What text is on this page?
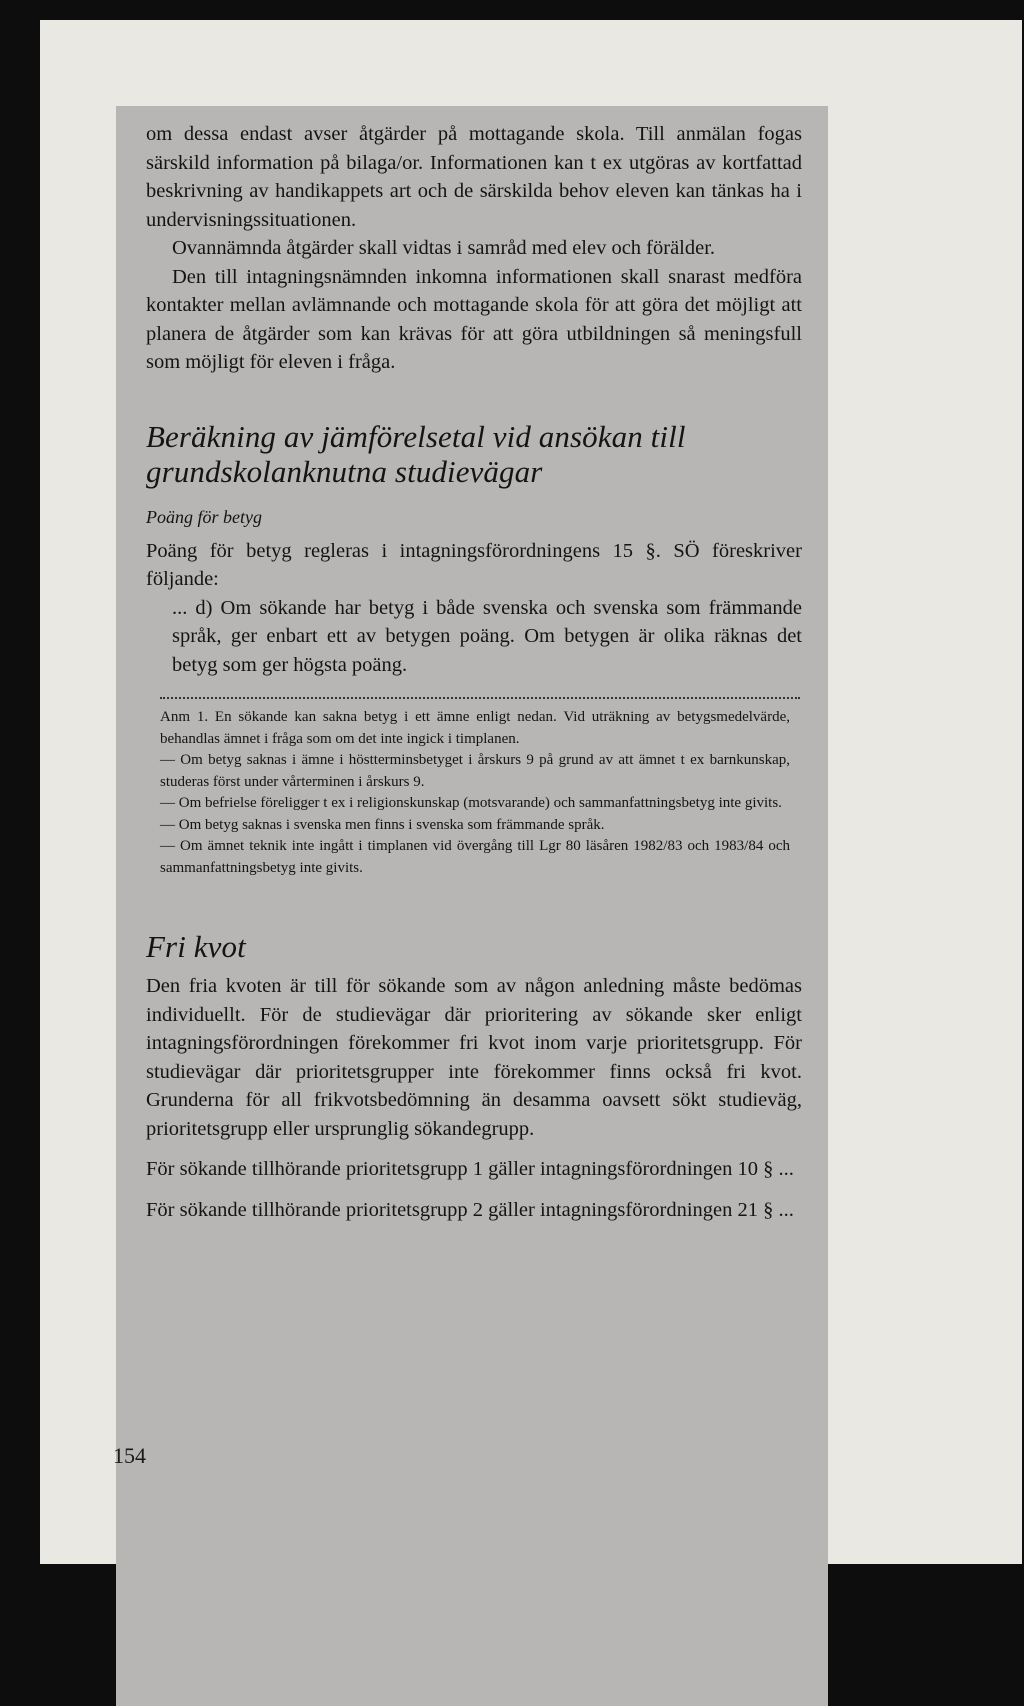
om dessa endast avser åtgärder på mottagande skola. Till anmälan fogas särskild information på bilaga/or. Informationen kan t ex utgöras av kortfattad beskrivning av handikappets art och de särskilda behov eleven kan tänkas ha i undervisningssituationen.

Ovannämnda åtgärder skall vidtas i samråd med elev och förälder.

Den till intagningsnämnden inkomna informationen skall snarast medföra kontakter mellan avlämnande och mottagande skola för att göra det möjligt att planera de åtgärder som kan krävas för att göra utbildningen så meningsfull som möjligt för eleven i fråga.

Beräkning av jämförelsetal vid ansökan till grundskolanknutna studievägar

Poäng för betyg

Poäng för betyg regleras i intagningsförordningens 15 §. SÖ föreskriver följande:

... d) Om sökande har betyg i både svenska och svenska som främmande språk, ger enbart ett av betygen poäng. Om betygen är olika räknas det betyg som ger högsta poäng.

Anm 1. En sökande kan sakna betyg i ett ämne enligt nedan. Vid uträkning av betygsmedelvärde, behandlas ämnet i fråga som om det inte ingick i timplanen.

— Om betyg saknas i ämne i höstterminsbetyget i årskurs 9 på grund av att ämnet t ex barnkunskap, studeras först under vårterminen i årskurs 9.

— Om befrielse föreligger t ex i religionskunskap (motsvarande) och sammanfattningsbetyg inte givits.

— Om betyg saknas i svenska men finns i svenska som främmande språk.

— Om ämnet teknik inte ingått i timplanen vid övergång till Lgr 80 läsåren 1982/83 och 1983/84 och sammanfattningsbetyg inte givits.

Fri kvot

Den fria kvoten är till för sökande som av någon anledning måste bedömas individuellt. För de studievägar där prioritering av sökande sker enligt intagningsförordningen förekommer fri kvot inom varje prioritetsgrupp. För studievägar där prioritetsgrupper inte förekommer finns också fri kvot. Grunderna för all frikvotsbedömning än desamma oavsett sökt studieväg, prioritetsgrupp eller ursprunglig sökandegrupp.

För sökande tillhörande prioritetsgrupp 1 gäller intagningsförordningen 10 § ...

För sökande tillhörande prioritetsgrupp 2 gäller intagningsförordningen 21 § ...

154
